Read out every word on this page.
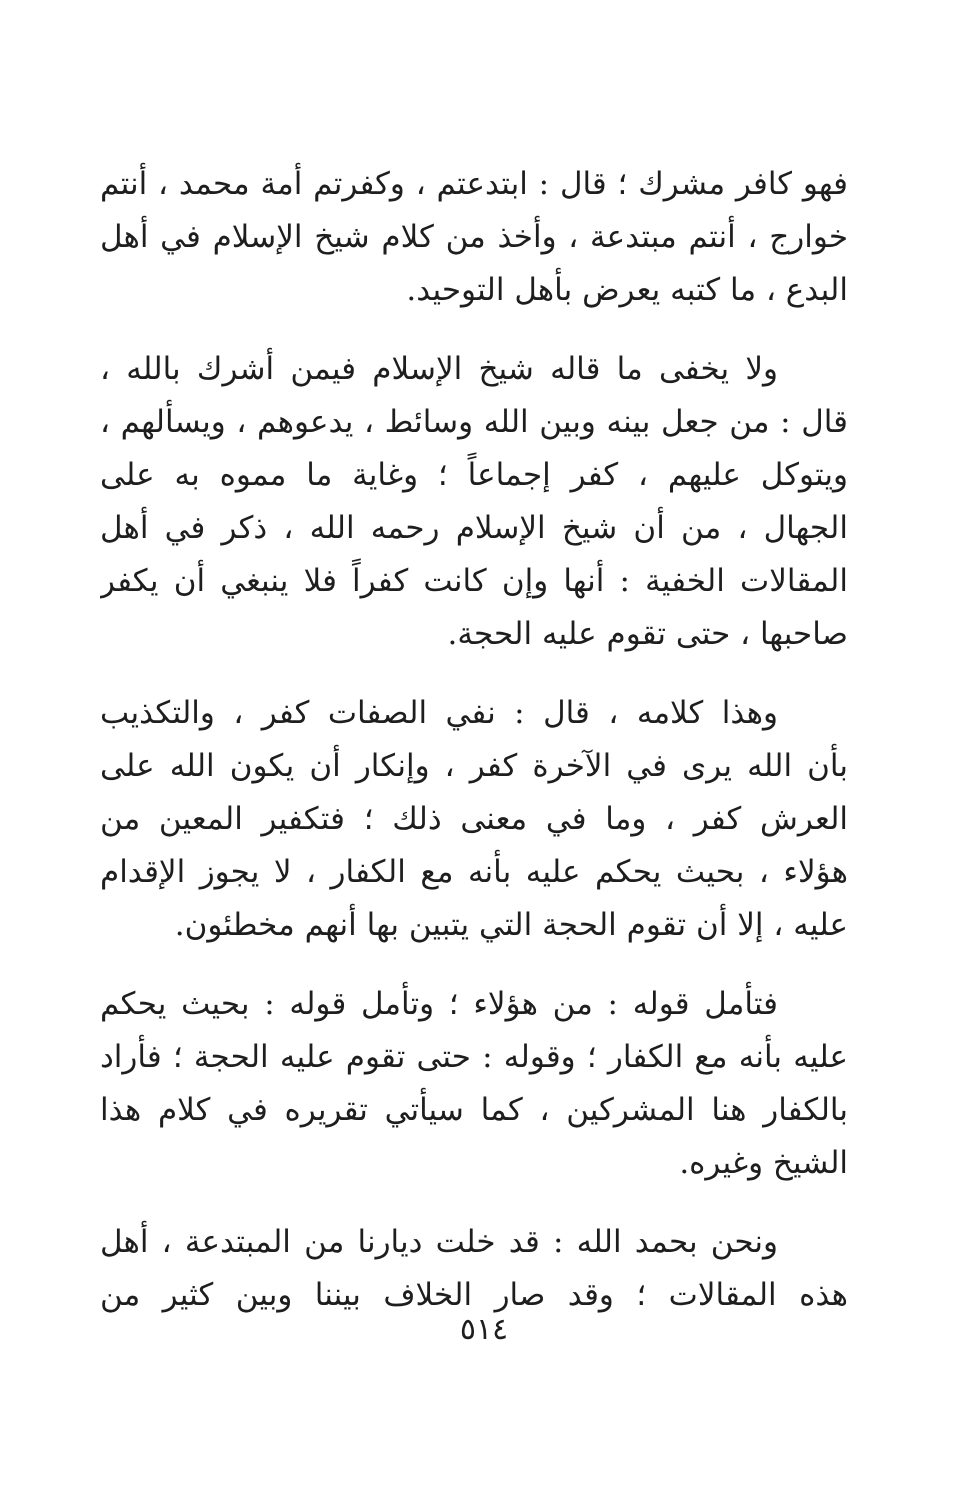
فهو كافر مشرك ؛ قال : ابتدعتم ، وكفرتم أمة محمد ، أنتم
خوارج ، أنتم مبتدعة ، وأخذ من كلام شيخ الإسلام في أهل
البدع ، ما كتبه يعرض بأهل التوحيد.
ولا يخفى ما قاله شيخ الإسلام فيمن أشرك بالله ،
قال : من جعل بينه وبين الله وسائط ، يدعوهم ، ويسألهم ،
ويتوكل عليهم ، كفر إجماعاً ؛ وغاية ما مموه به على
الجهال ، من أن شيخ الإسلام رحمه الله ، ذكر في أهل
المقالات الخفية : أنها وإن كانت كفراً فلا ينبغي أن يكفر
صاحبها ، حتى تقوم عليه الحجة.
وهذا كلامه ، قال : نفي الصفات كفر ، والتكذيب
بأن الله يرى في الآخرة كفر ، وإنكار أن يكون الله على
العرش كفر ، وما في معنى ذلك ؛ فتكفير المعين من
هؤلاء ، بحيث يحكم عليه بأنه مع الكفار ، لا يجوز الإقدام
عليه ، إلا أن تقوم الحجة التي يتبين بها أنهم مخطئون.
فتأمل قوله : من هؤلاء ؛ وتأمل قوله : بحيث يحكم
عليه بأنه مع الكفار ؛ وقوله : حتى تقوم عليه الحجة ؛ فأراد
بالكفار هنا المشركين ، كما سيأتي تقريره في كلام هذا
الشيخ وغيره.
ونحن بحمد الله : قد خلت ديارنا من المبتدعة ، أهل
هذه المقالات ؛ وقد صار الخلاف بيننا وبين كثير من
٥١٤
